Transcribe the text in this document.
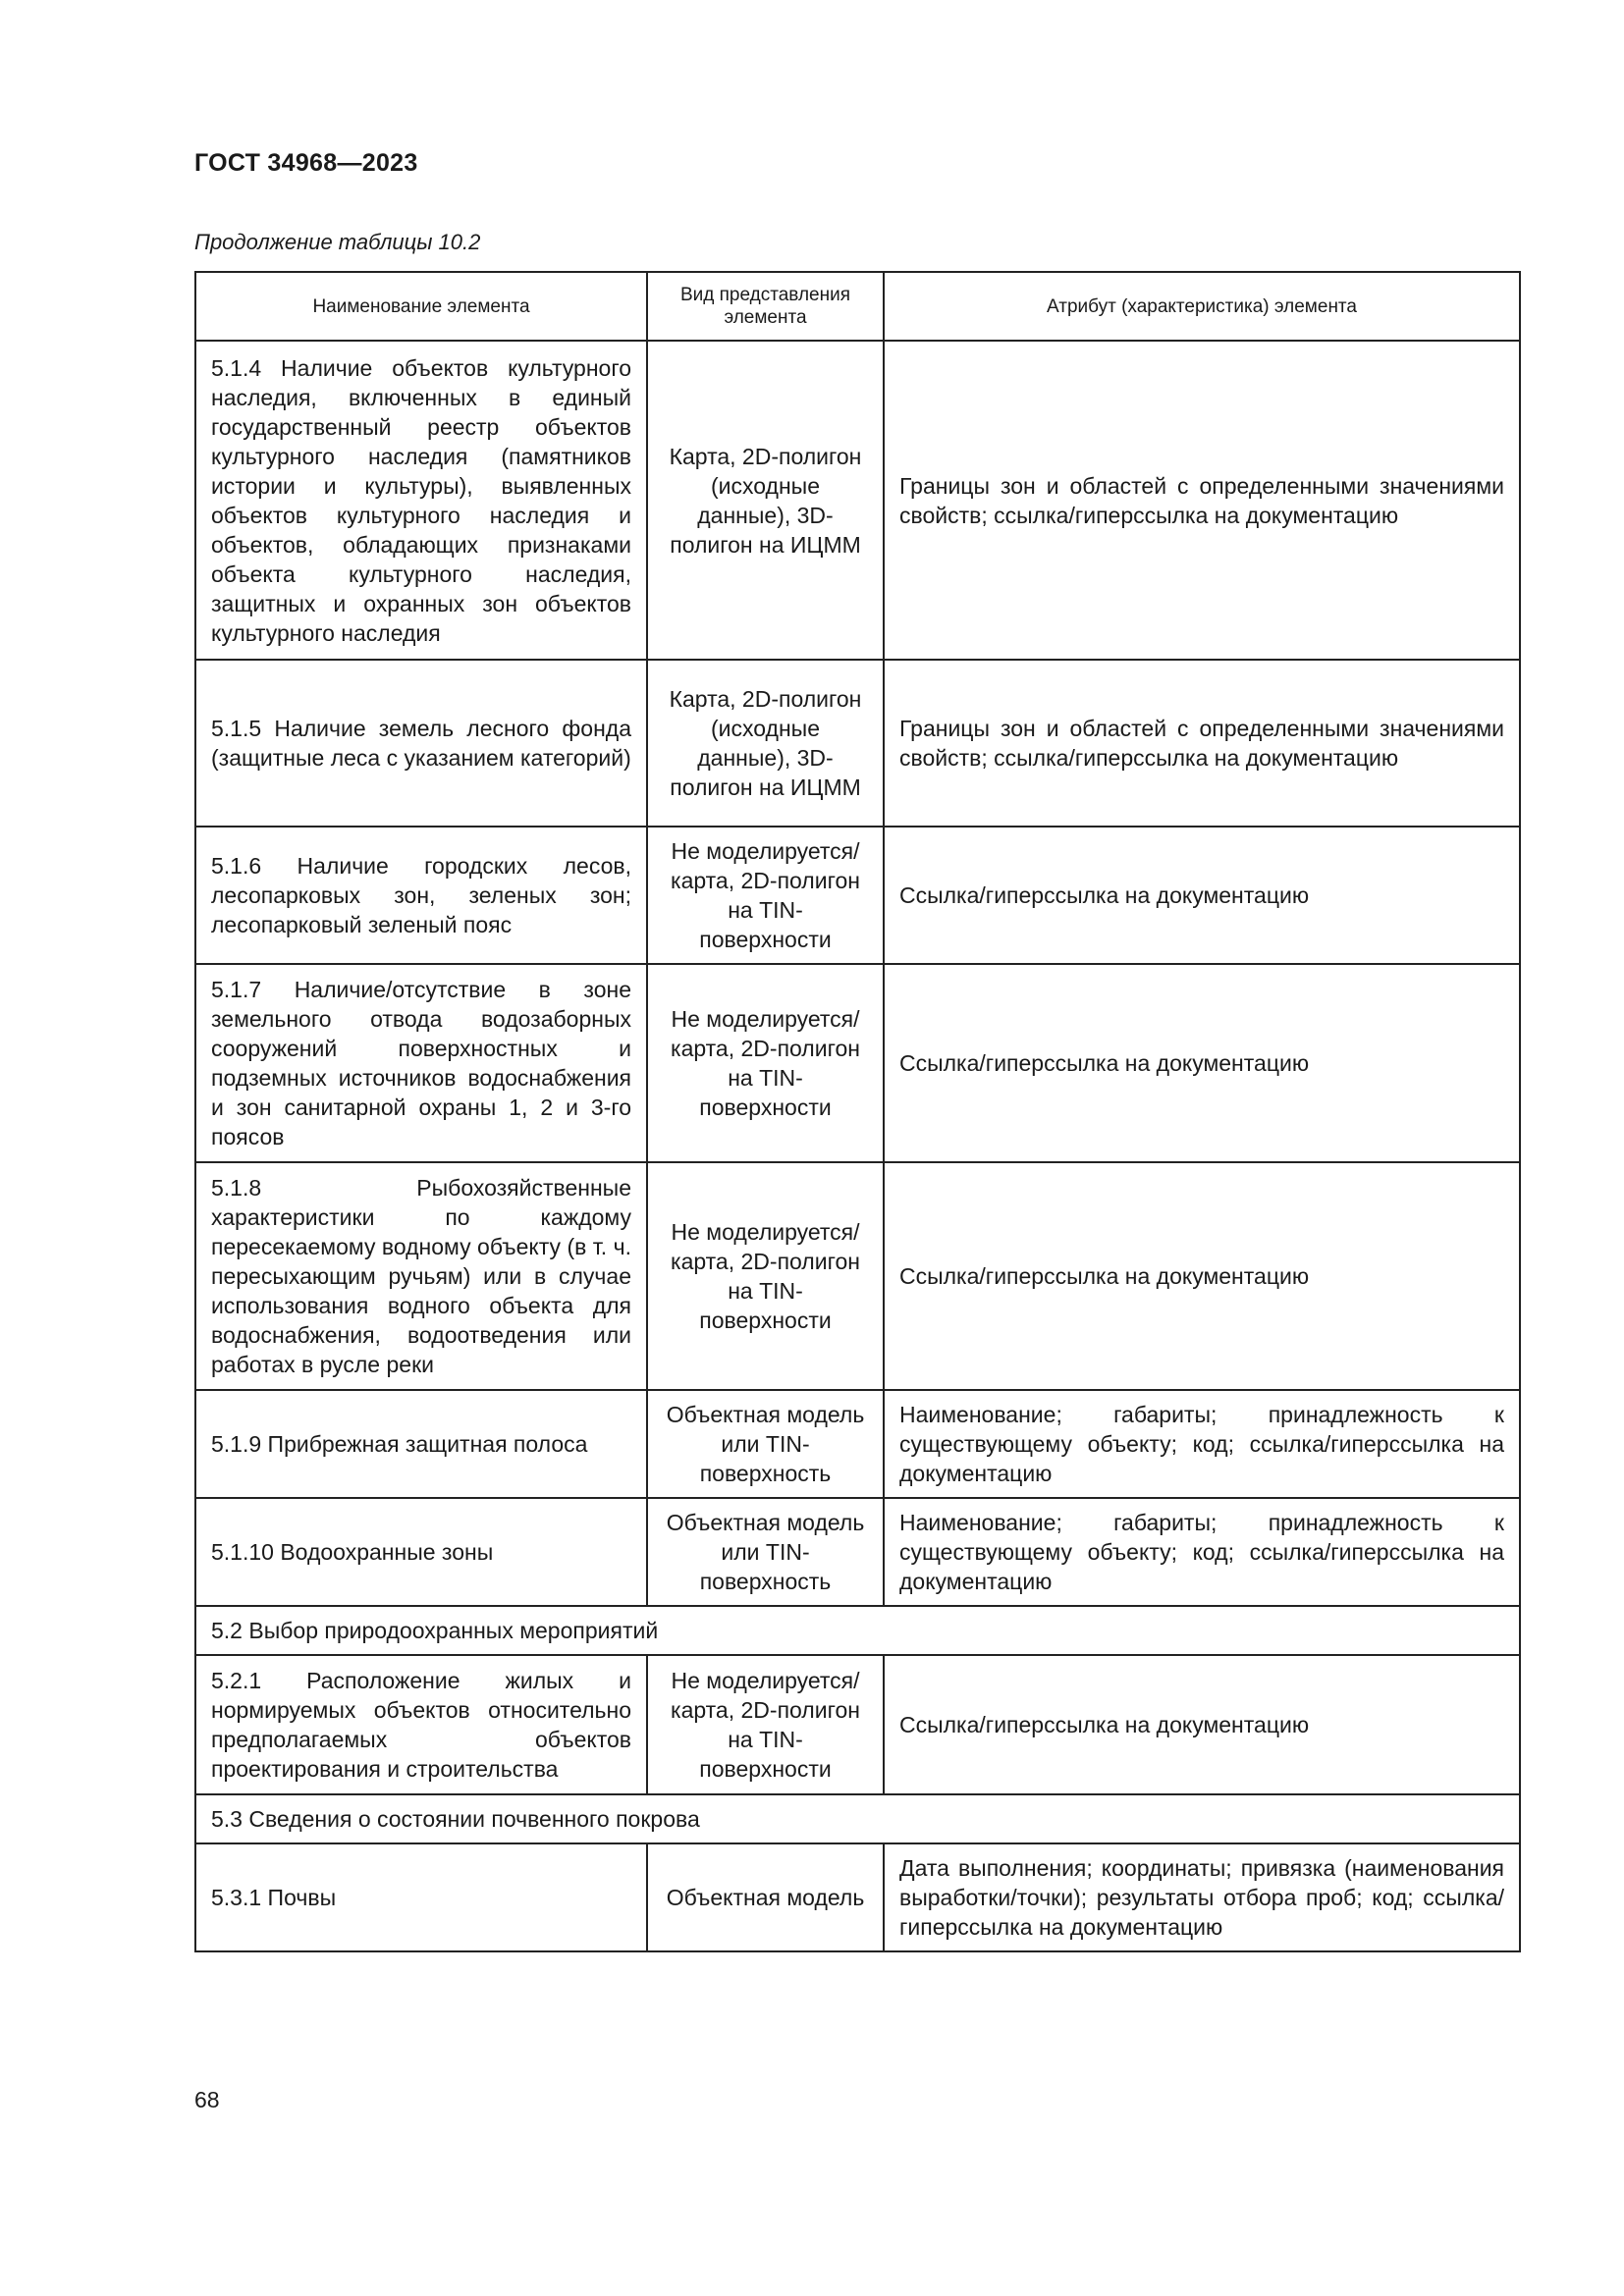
ГОСТ 34968—2023
Продолжение таблицы 10.2
Наименование элемента	Вид представления элемента	Атрибут (характеристика) элемента
5.1.4 Наличие объектов культурного наследия, включенных в единый государственный реестр объектов культурного наследия (памятников истории и культуры), выявленных объектов культурного наследия и объектов, обладающих признаками объекта культурного наследия, защитных и охранных зон объектов культурного наследия	Карта, 2D-полигон (исходные данные), 3D-полигон на ИЦММ	Границы зон и областей с определенными значениями свойств; ссылка/гиперссылка на документацию
5.1.5 Наличие земель лесного фонда (защитные леса с указанием категорий)	Карта, 2D-полигон (исходные данные), 3D-полигон на ИЦММ	Границы зон и областей с определенными значениями свойств; ссылка/гиперссылка на документацию
5.1.6 Наличие городских лесов, лесопарковых зон, зеленых зон; лесопарковый зеленый пояс	Не моделируется/карта, 2D-полигон на TIN-поверхности	Ссылка/гиперссылка на документацию
5.1.7 Наличие/отсутствие в зоне земельного отвода водозаборных сооружений поверхностных и подземных источников водоснабжения и зон санитарной охраны 1, 2 и 3-го поясов	Не моделируется/карта, 2D-полигон на TIN-поверхности	Ссылка/гиперссылка на документацию
5.1.8 Рыбохозяйственные характеристики по каждому пересекаемому водному объекту (в т. ч. пересыхающим ручьям) или в случае использования водного объекта для водоснабжения, водоотведения или работах в русле реки	Не моделируется/карта, 2D-полигон на TIN-поверхности	Ссылка/гиперссылка на документацию
5.1.9 Прибрежная защитная полоса	Объектная модель или TIN-поверхность	Наименование; габариты; принадлежность к существующему объекту; код; ссылка/гиперссылка на документацию
5.1.10 Водоохранные зоны	Объектная модель или TIN-поверхность	Наименование; габариты; принадлежность к существующему объекту; код; ссылка/гиперссылка на документацию
5.2 Выбор природоохранных мероприятий		
5.2.1 Расположение жилых и нормируемых объектов относительно предполагаемых объектов проектирования и строительства	Не моделируется/карта, 2D-полигон на TIN-поверхности	Ссылка/гиперссылка на документацию
5.3 Сведения о состоянии почвенного покрова		
5.3.1 Почвы	Объектная модель	Дата выполнения; координаты; привязка (наименования выработки/точки); результаты отбора проб; код; ссылка/гиперссылка на документацию
68
